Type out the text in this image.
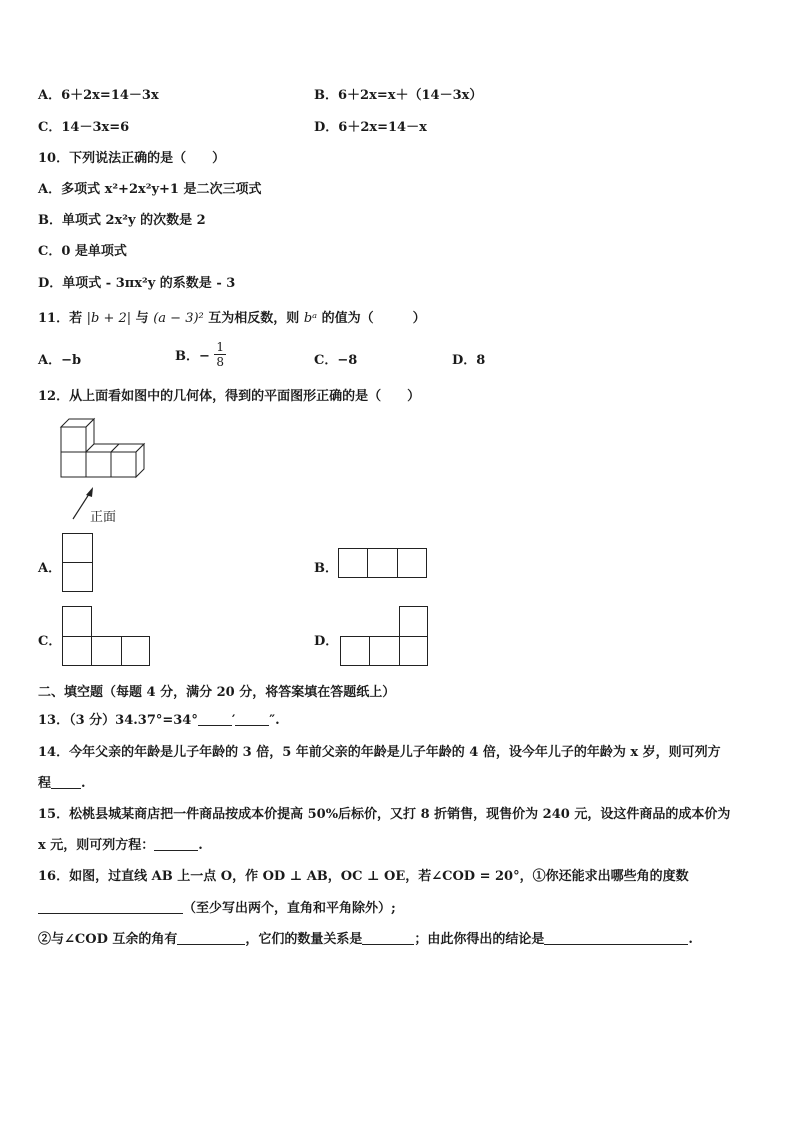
A．6＋2x=14－3x	B．6＋2x=x＋（14－3x）
C．14－3x=6	D．6＋2x=14－x
10．下列说法正确的是（　　）
A．多项式 x²+2x²y+1 是二次三项式
B．单项式 2x²y 的次数是 2
C．0 是单项式
D．单项式 - 3πx²y 的系数是 - 3
11．若 |b + 2| 与 (a − 3)² 互为相反数，则 bᵃ 的值为（　　　）
A．−b	B．− $\frac{1}{8}$	C．−8	D．8
12．从上面看如图中的几何体，得到的平面图形正确的是（　　）
正面
A．	B．
C．	D．
二、填空题（每题 4 分，满分 20 分，将答案填在答题纸上）
13．（3 分）34.37°=34°	′	″.
14．今年父亲的年龄是儿子年龄的 3 倍，5 年前父亲的年龄是儿子年龄的 4 倍，设今年儿子的年龄为 x 岁，则可列方
程 .
15．松桃县城某商店把一件商品按成本价提高 50%后标价，又打 8 折销售，现售价为 240 元，设这件商品的成本价为
x 元，则可列方程：	.
16．如图，过直线 AB 上一点 O，作 OD ⊥ AB，OC ⊥ OE，若∠COD = 20°，①你还能求出哪些角的度数
（至少写出两个，直角和平角除外）;
②与∠COD 互余的角有	，它们的数量关系是	；由此你得出的结论是	.
